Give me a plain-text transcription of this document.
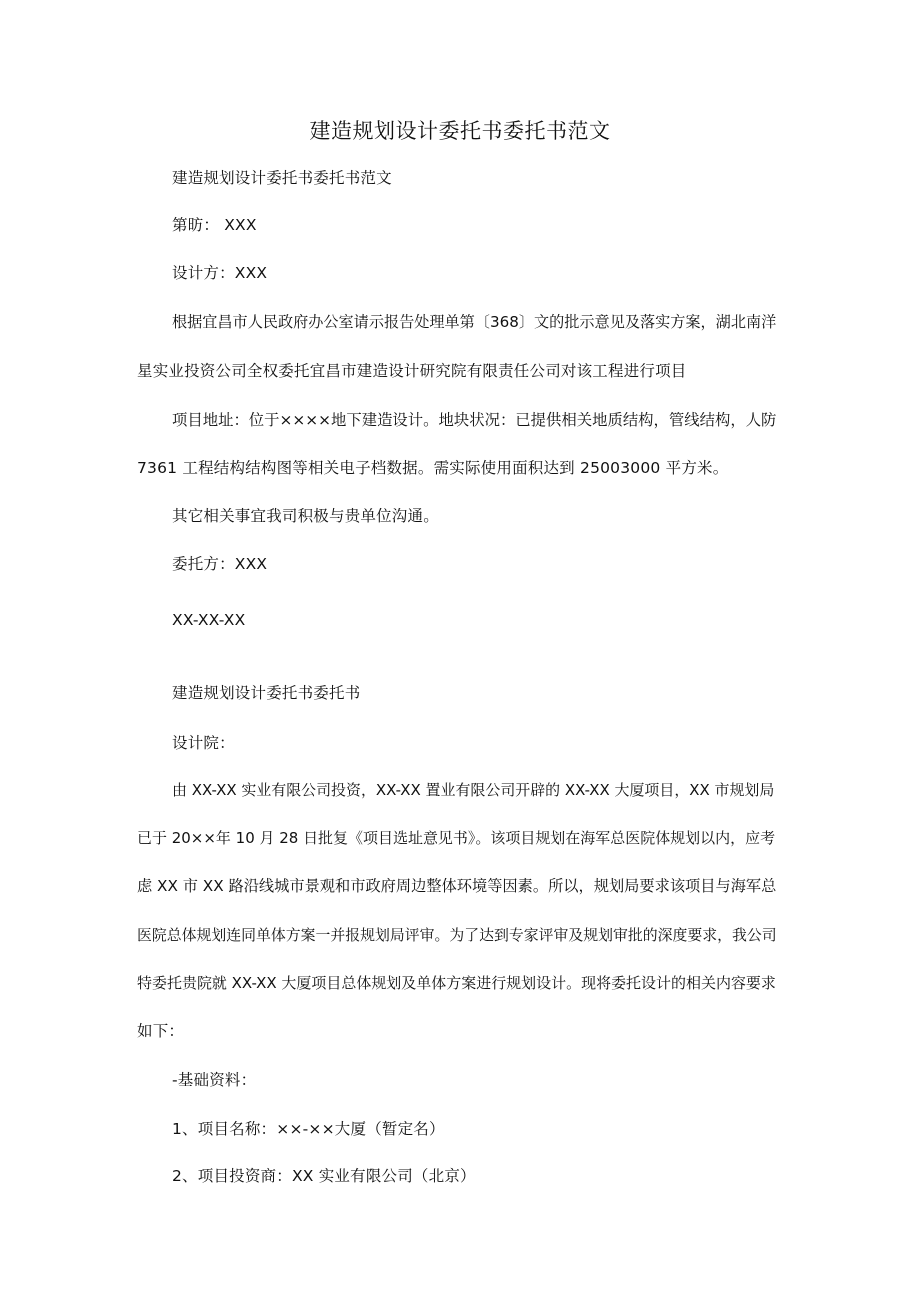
建造规划设计委托书委托书范文
建造规划设计委托书委托书范文
第昉： XXX
设计方：XXX
根据宜昌市人民政府办公室请示报告处理单第〔368〕文的批示意见及落实方案，湖北南洋
星实业投资公司全权委托宜昌市建造设计研究院有限责任公司对该工程进行项目
项目地址：位于××××地下建造设计。地块状况：已提供相关地质结构，管线结构，人防
7361 工程结构结构图等相关电子档数据。需实际使用面积达到 25003000 平方米。
其它相关事宜我司积极与贵单位沟通。
委托方：XXX
XX-XX-XX
建造规划设计委托书委托书
设计院：
由 XX-XX 实业有限公司投资，XX-XX 置业有限公司开辟的 XX-XX 大厦项目，XX 市规划局
已于 20××年 10 月 28 日批复《项目选址意见书》。该项目规划在海军总医院体规划以内，应考
虑 XX 市 XX 路沿线城市景观和市政府周边整体环境等因素。所以，规划局要求该项目与海军总
医院总体规划连同单体方案一并报规划局评审。为了达到专家评审及规划审批的深度要求，我公司
特委托贵院就 XX-XX 大厦项目总体规划及单体方案进行规划设计。现将委托设计的相关内容要求
如下：
-基础资料：
1、项目名称：××-××大厦（暂定名）
2、项目投资商：XX 实业有限公司（北京）
